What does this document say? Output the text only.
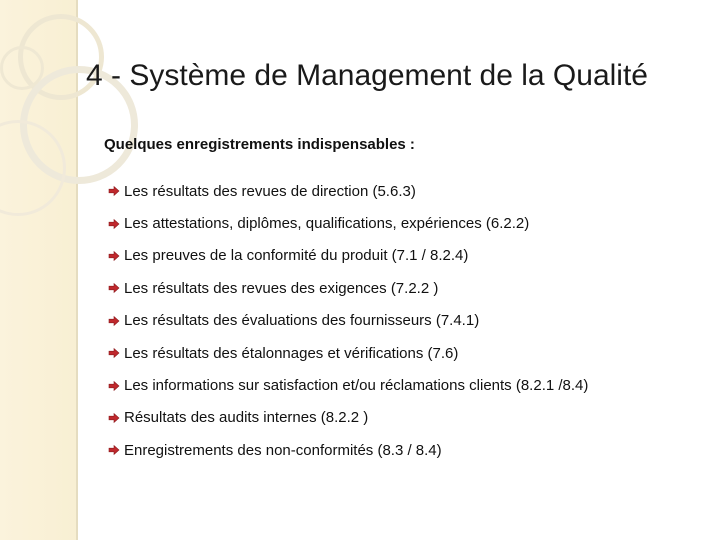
4 - Système de Management de la Qualité
Quelques enregistrements indispensables :
Les résultats des revues de direction (5.6.3)
Les attestations, diplômes, qualifications, expériences (6.2.2)
Les preuves de la conformité du produit (7.1 / 8.2.4)
Les résultats des revues des exigences (7.2.2 )
Les résultats des évaluations des fournisseurs (7.4.1)
Les résultats des étalonnages et vérifications (7.6)
Les informations sur satisfaction et/ou réclamations clients (8.2.1 /8.4)
Résultats des audits internes (8.2.2 )
Enregistrements des non-conformités (8.3 / 8.4)
